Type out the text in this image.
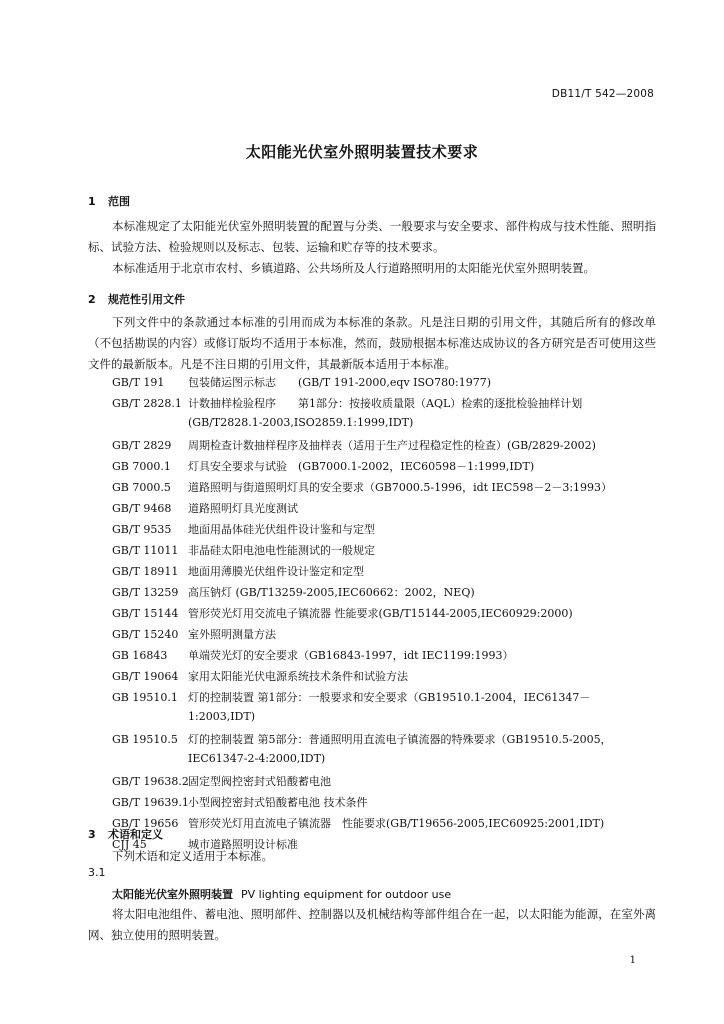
DB11/T 542—2008
太阳能光伏室外照明装置技术要求
1 范围
本标准规定了太阳能光伏室外照明装置的配置与分类、一般要求与安全要求、部件构成与技术性能、照明指标、试验方法、检验规则以及标志、包装、运输和贮存等的技术要求。
本标准适用于北京市农村、乡镇道路、公共场所及人行道路照明用的太阳能光伏室外照明装置。
2 规范性引用文件
下列文件中的条款通过本标准的引用而成为本标准的条款。凡是注日期的引用文件，其随后所有的修改单（不包括勘误的内容）或修订版均不适用于本标准，然而，鼓励根据本标准达成协议的各方研究是否可使用这些文件的最新版本。凡是不注日期的引用文件，其最新版本适用于本标准。
GB/T 191 包装储运图示标志　　(GB/T 191-2000,eqv ISO780:1977)
GB/T 2828.1 计数抽样检验程序　　第1部分：按接收质量限（AQL）检索的逐批检验抽样计划
(GB/T2828.1-2003,ISO2859.1:1999,IDT)
GB/T 2829 周期检查计数抽样程序及抽样表（适用于生产过程稳定性的检查）(GB/2829-2002)
GB 7000.1 灯具安全要求与试验　(GB7000.1-2002，IEC60598－1:1999,IDT)
GB 7000.5 道路照明与街道照明灯具的安全要求（GB7000.5-1996，idt IEC598－2－3:1993）
GB/T 9468 道路照明灯具光度测试
GB/T 9535 地面用晶体硅光伏组件设计鉴和与定型
GB/T 11011 非晶硅太阳电池电性能测试的一般规定
GB/T 18911 地面用薄膜光伏组件设计鉴定和定型
GB/T 13259 高压钠灯 (GB/T13259-2005,IEC60662：2002，NEQ)
GB/T 15144 管形荧光灯用交流电子镇流器 性能要求(GB/T15144-2005,IEC60929:2000)
GB/T 15240 室外照明测量方法
GB 16843 单端荧光灯的安全要求（GB16843-1997，idt IEC1199:1993）
GB/T 19064 家用太阳能光伏电源系统技术条件和试验方法
GB 19510.1 灯的控制装置 第1部分：一般要求和安全要求（GB19510.1-2004，IEC61347－
1:2003,IDT)
GB 19510.5 灯的控制装置 第5部分：普通照明用直流电子镇流器的特殊要求（GB19510.5-2005，
IEC61347-2-4:2000,IDT)
GB/T 19638.2固定型阀控密封式铅酸蓄电池
GB/T 19639.1小型阀控密封式铅酸蓄电池 技术条件
GB/T 19656 管形荧光灯用直流电子镇流器　性能要求(GB/T19656-2005,IEC60925:2001,IDT)
CJJ 45	城市道路照明设计标准
3 术语和定义
下列术语和定义适用于本标准。
3.1
太阳能光伏室外照明装置 PV lighting equipment for outdoor use
将太阳电池组件、蓄电池、照明部件、控制器以及机械结构等部件组合在一起，以太阳能为能源，在室外离网、独立使用的照明装置。
1
